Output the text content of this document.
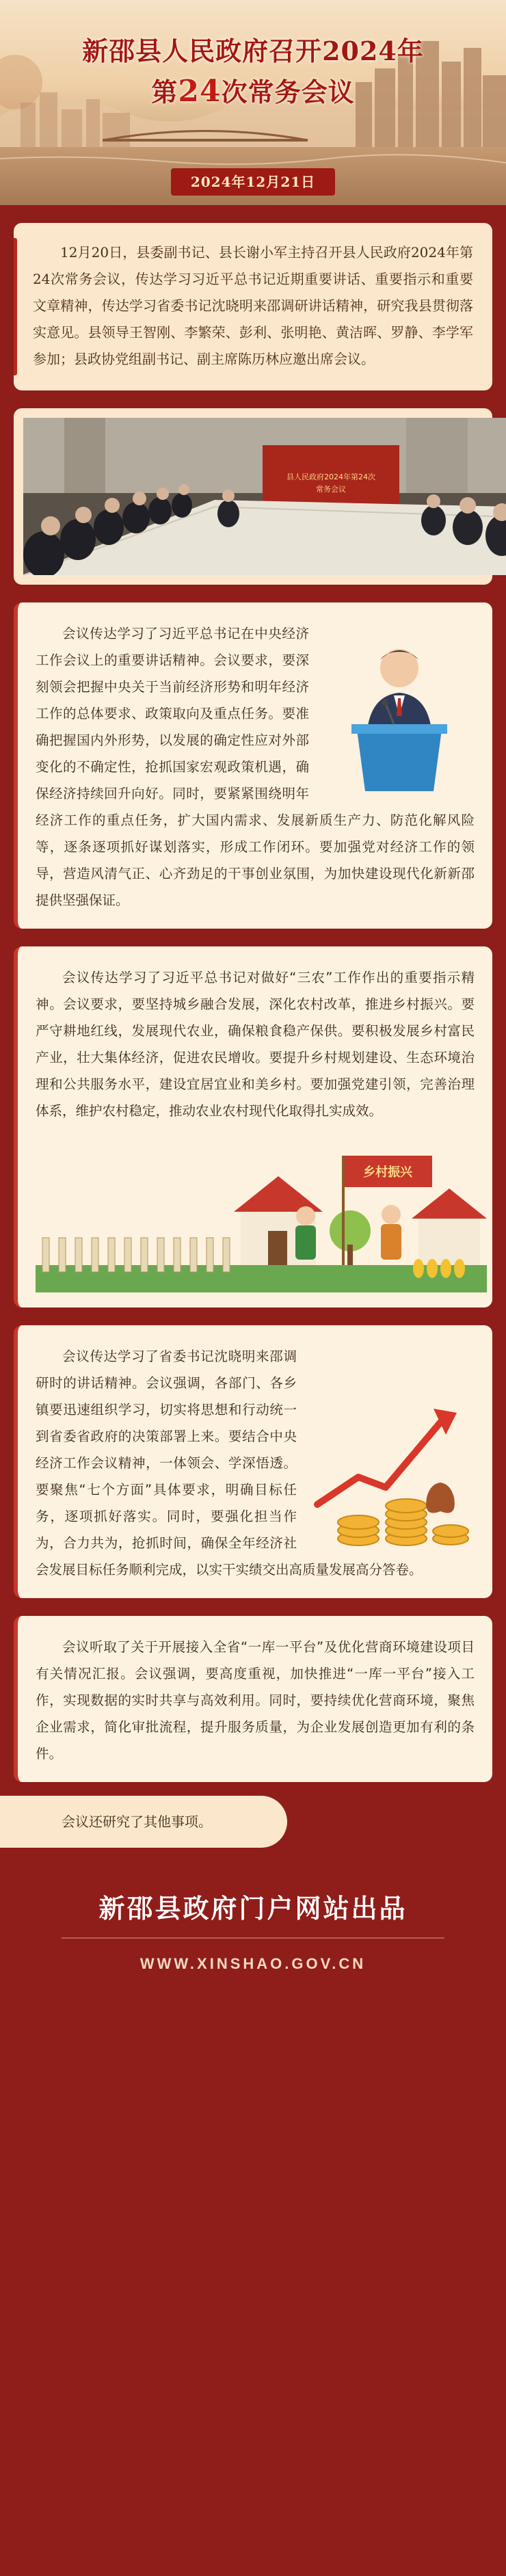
新邵县人民政府召开2024年
第24次常务会议
2024年12月21日

12月20日，县委副书记、县长谢小军主持召开县人民政府2024年第24次常务会议，传达学习习近平总书记近期重要讲话、重要指示和重要文章精神，传达学习省委书记沈晓明来邵调研讲话精神，研究我县贯彻落实意见。县领导王智刚、李繁荣、彭利、张明艳、黄洁晖、罗静、李学军参加；县政协党组副书记、副主席陈历林应邀出席会议。

县人民政府2024年第24次
常务会议

会议传达学习了习近平总书记在中央经济工作会议上的重要讲话精神。会议要求，要深刻领会把握中央关于当前经济形势和明年经济工作的总体要求、政策取向及重点任务。要准确把握国内外形势，以发展的确定性应对外部变化的不确定性，抢抓国家宏观政策机遇，确保经济持续回升向好。同时，要紧紧围绕明年经济工作的重点任务，扩大国内需求、发展新质生产力、防范化解风险等，逐条逐项抓好谋划落实，形成工作闭环。要加强党对经济工作的领导，营造风清气正、心齐劲足的干事创业氛围，为加快建设现代化新新邵提供坚强保证。

会议传达学习了习近平总书记对做好“三农”工作作出的重要指示精神。会议要求，要坚持城乡融合发展，深化农村改革，推进乡村振兴。要严守耕地红线，发展现代农业，确保粮食稳产保供。要积极发展乡村富民产业，壮大集体经济，促进农民增收。要提升乡村规划建设、生态环境治理和公共服务水平，建设宜居宜业和美乡村。要加强党建引领，完善治理体系，维护农村稳定，推动农业农村现代化取得扎实成效。

乡村振兴

会议传达学习了省委书记沈晓明来邵调研时的讲话精神。会议强调，各部门、各乡镇要迅速组织学习，切实将思想和行动统一到省委省政府的决策部署上来。要结合中央经济工作会议精神，一体领会、学深悟透。要聚焦“七个方面”具体要求，明确目标任务，逐项抓好落实。同时，要强化担当作为，合力共为，抢抓时间，确保全年经济社会发展目标任务顺利完成，以实干实绩交出高质量发展高分答卷。

会议听取了关于开展接入全省“一库一平台”及优化营商环境建设项目有关情况汇报。会议强调，要高度重视，加快推进“一库一平台”接入工作，实现数据的实时共享与高效利用。同时，要持续优化营商环境，聚焦企业需求，简化审批流程，提升服务质量，为企业发展创造更加有利的条件。

会议还研究了其他事项。
新邵县政府门户网站出品
WWW.XINSHAO.GOV.CN
